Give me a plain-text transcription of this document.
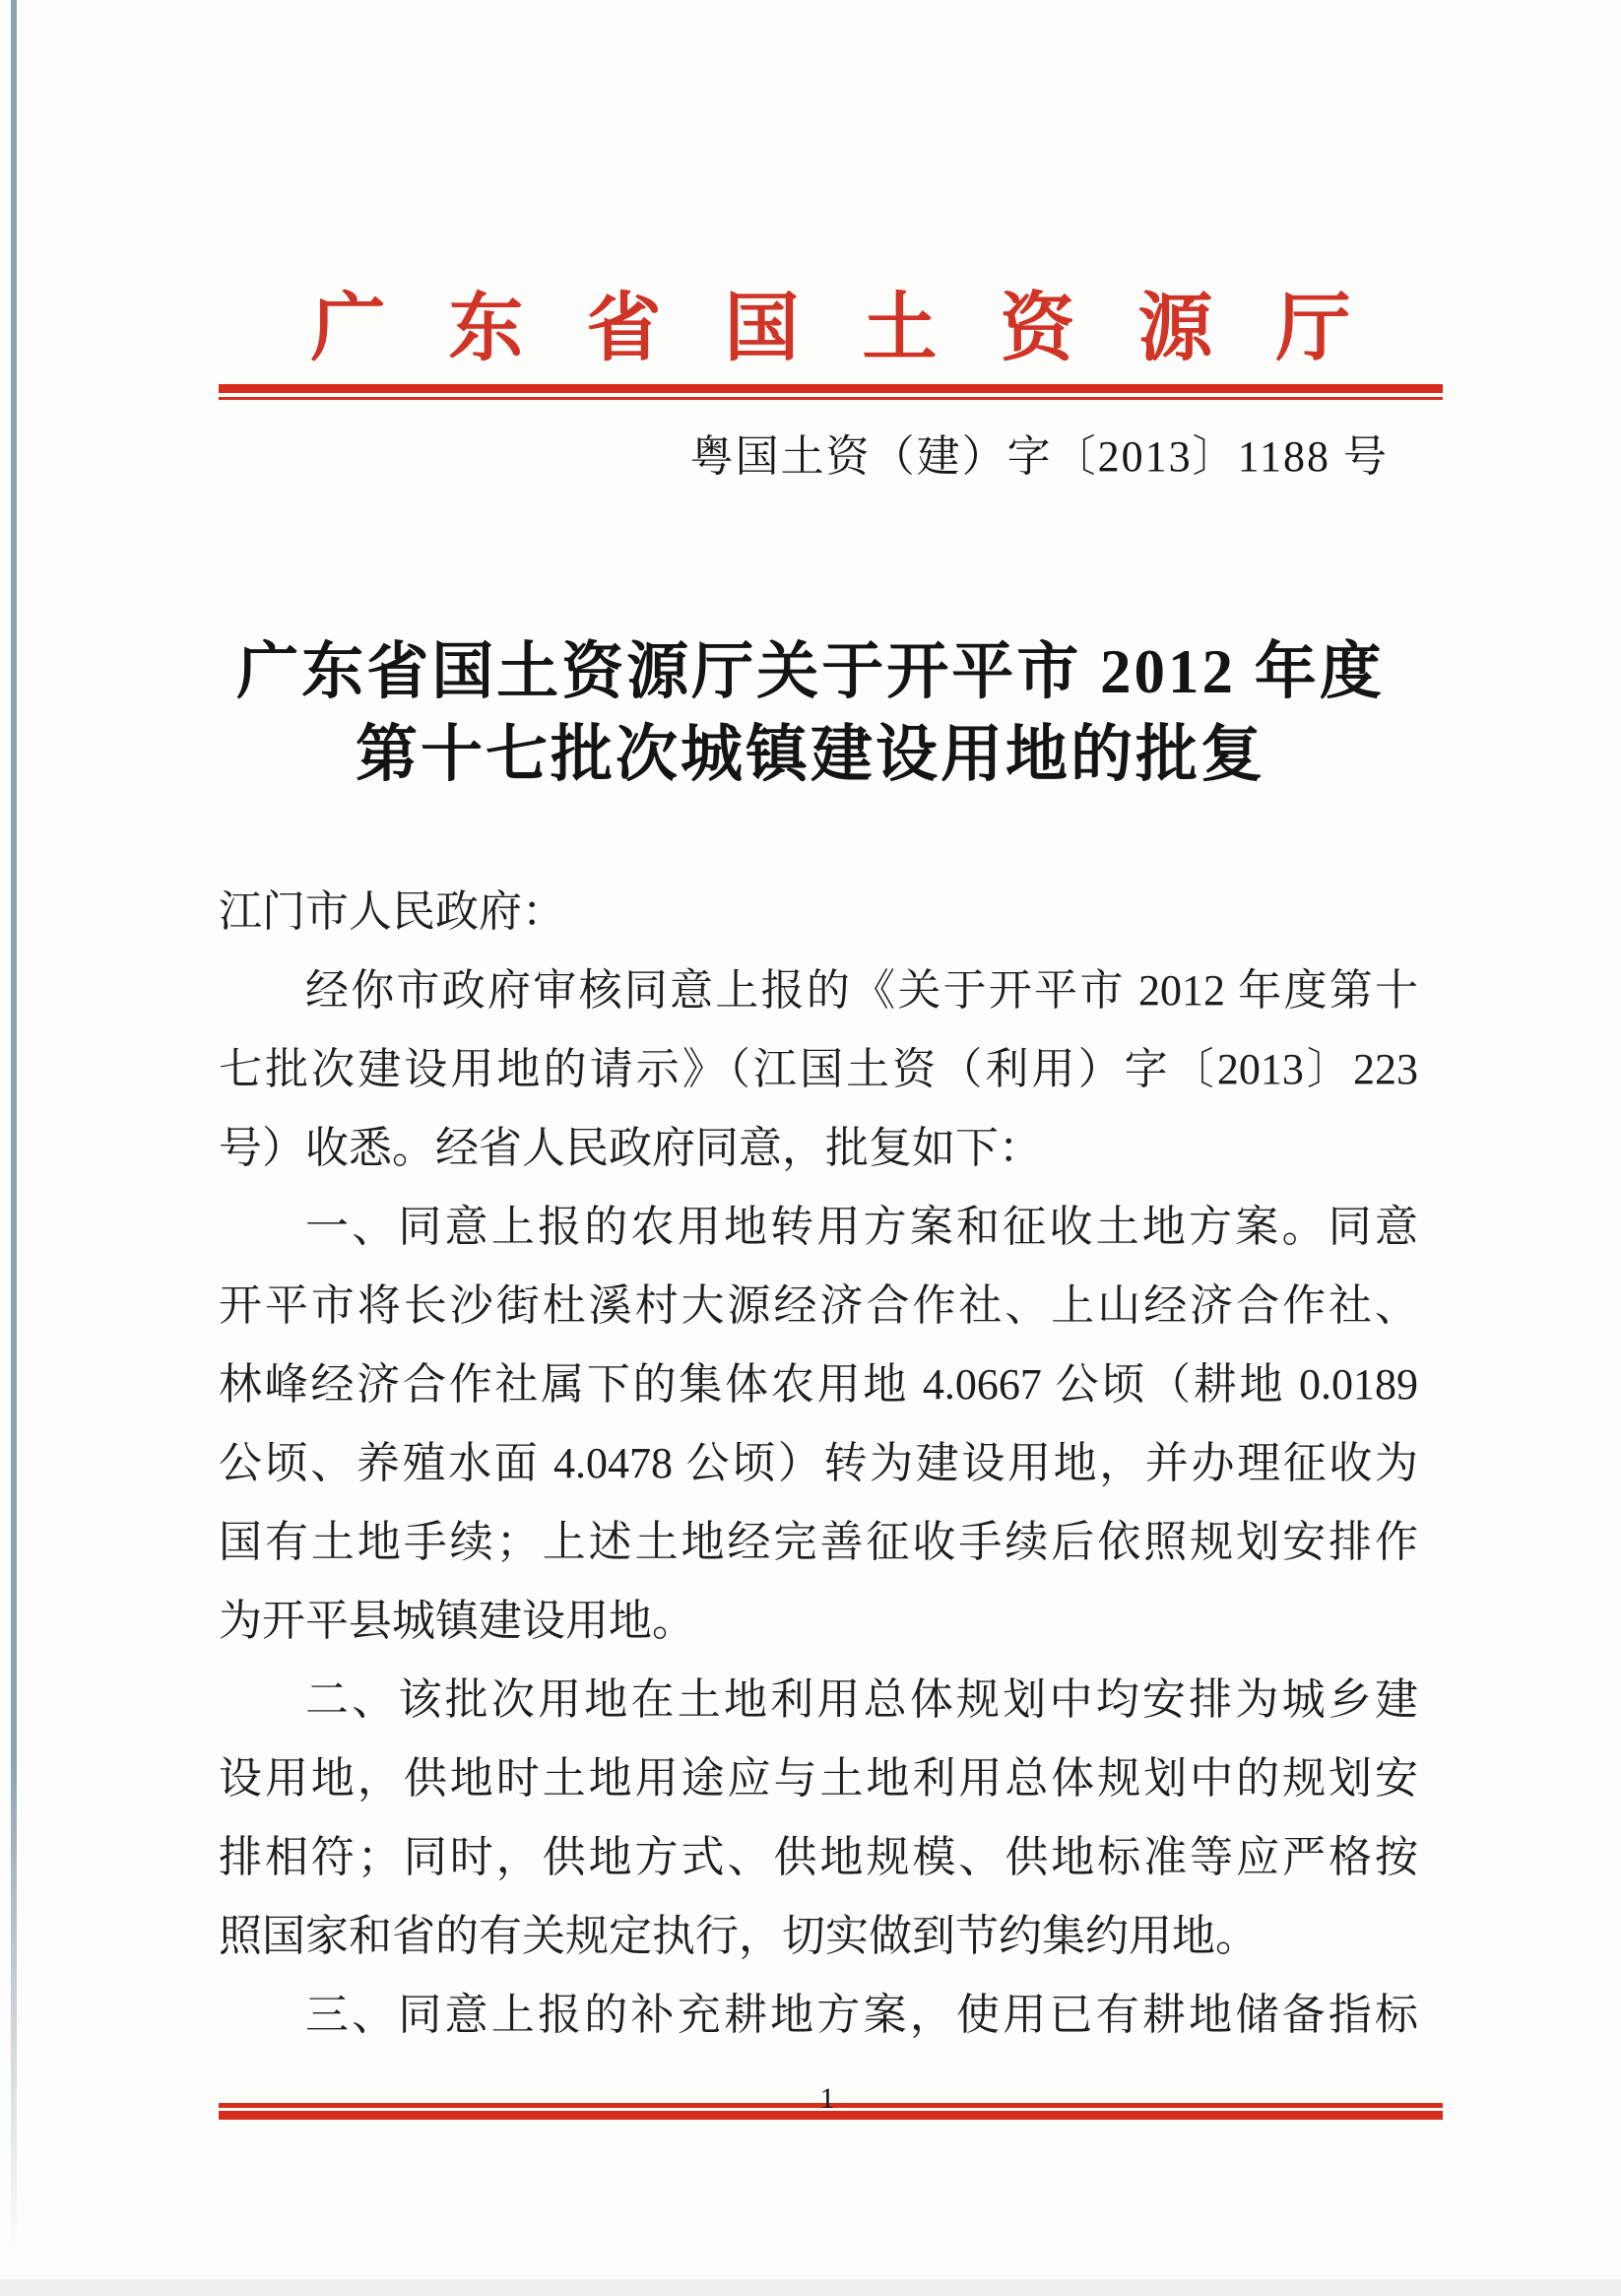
广东省国土资源厅
粤国土资（建）字〔2013〕1188 号
广东省国土资源厅关于开平市 2012 年度
第十七批次城镇建设用地的批复
江门市人民政府：
经你市政府审核同意上报的《关于开平市 2012 年度第十
七批次建设用地的请示》（江国土资（利用）字〔2013〕223
号）收悉。经省人民政府同意，批复如下：
一、同意上报的农用地转用方案和征收土地方案。同意
开平市将长沙街杜溪村大源经济合作社、上山经济合作社、
林峰经济合作社属下的集体农用地 4.0667 公顷（耕地 0.0189
公顷、养殖水面 4.0478 公顷）转为建设用地，并办理征收为
国有土地手续；上述土地经完善征收手续后依照规划安排作
为开平县城镇建设用地。
二、该批次用地在土地利用总体规划中均安排为城乡建
设用地，供地时土地用途应与土地利用总体规划中的规划安
排相符；同时，供地方式、供地规模、供地标准等应严格按
照国家和省的有关规定执行，切实做到节约集约用地。
三、同意上报的补充耕地方案，使用已有耕地储备指标
1
